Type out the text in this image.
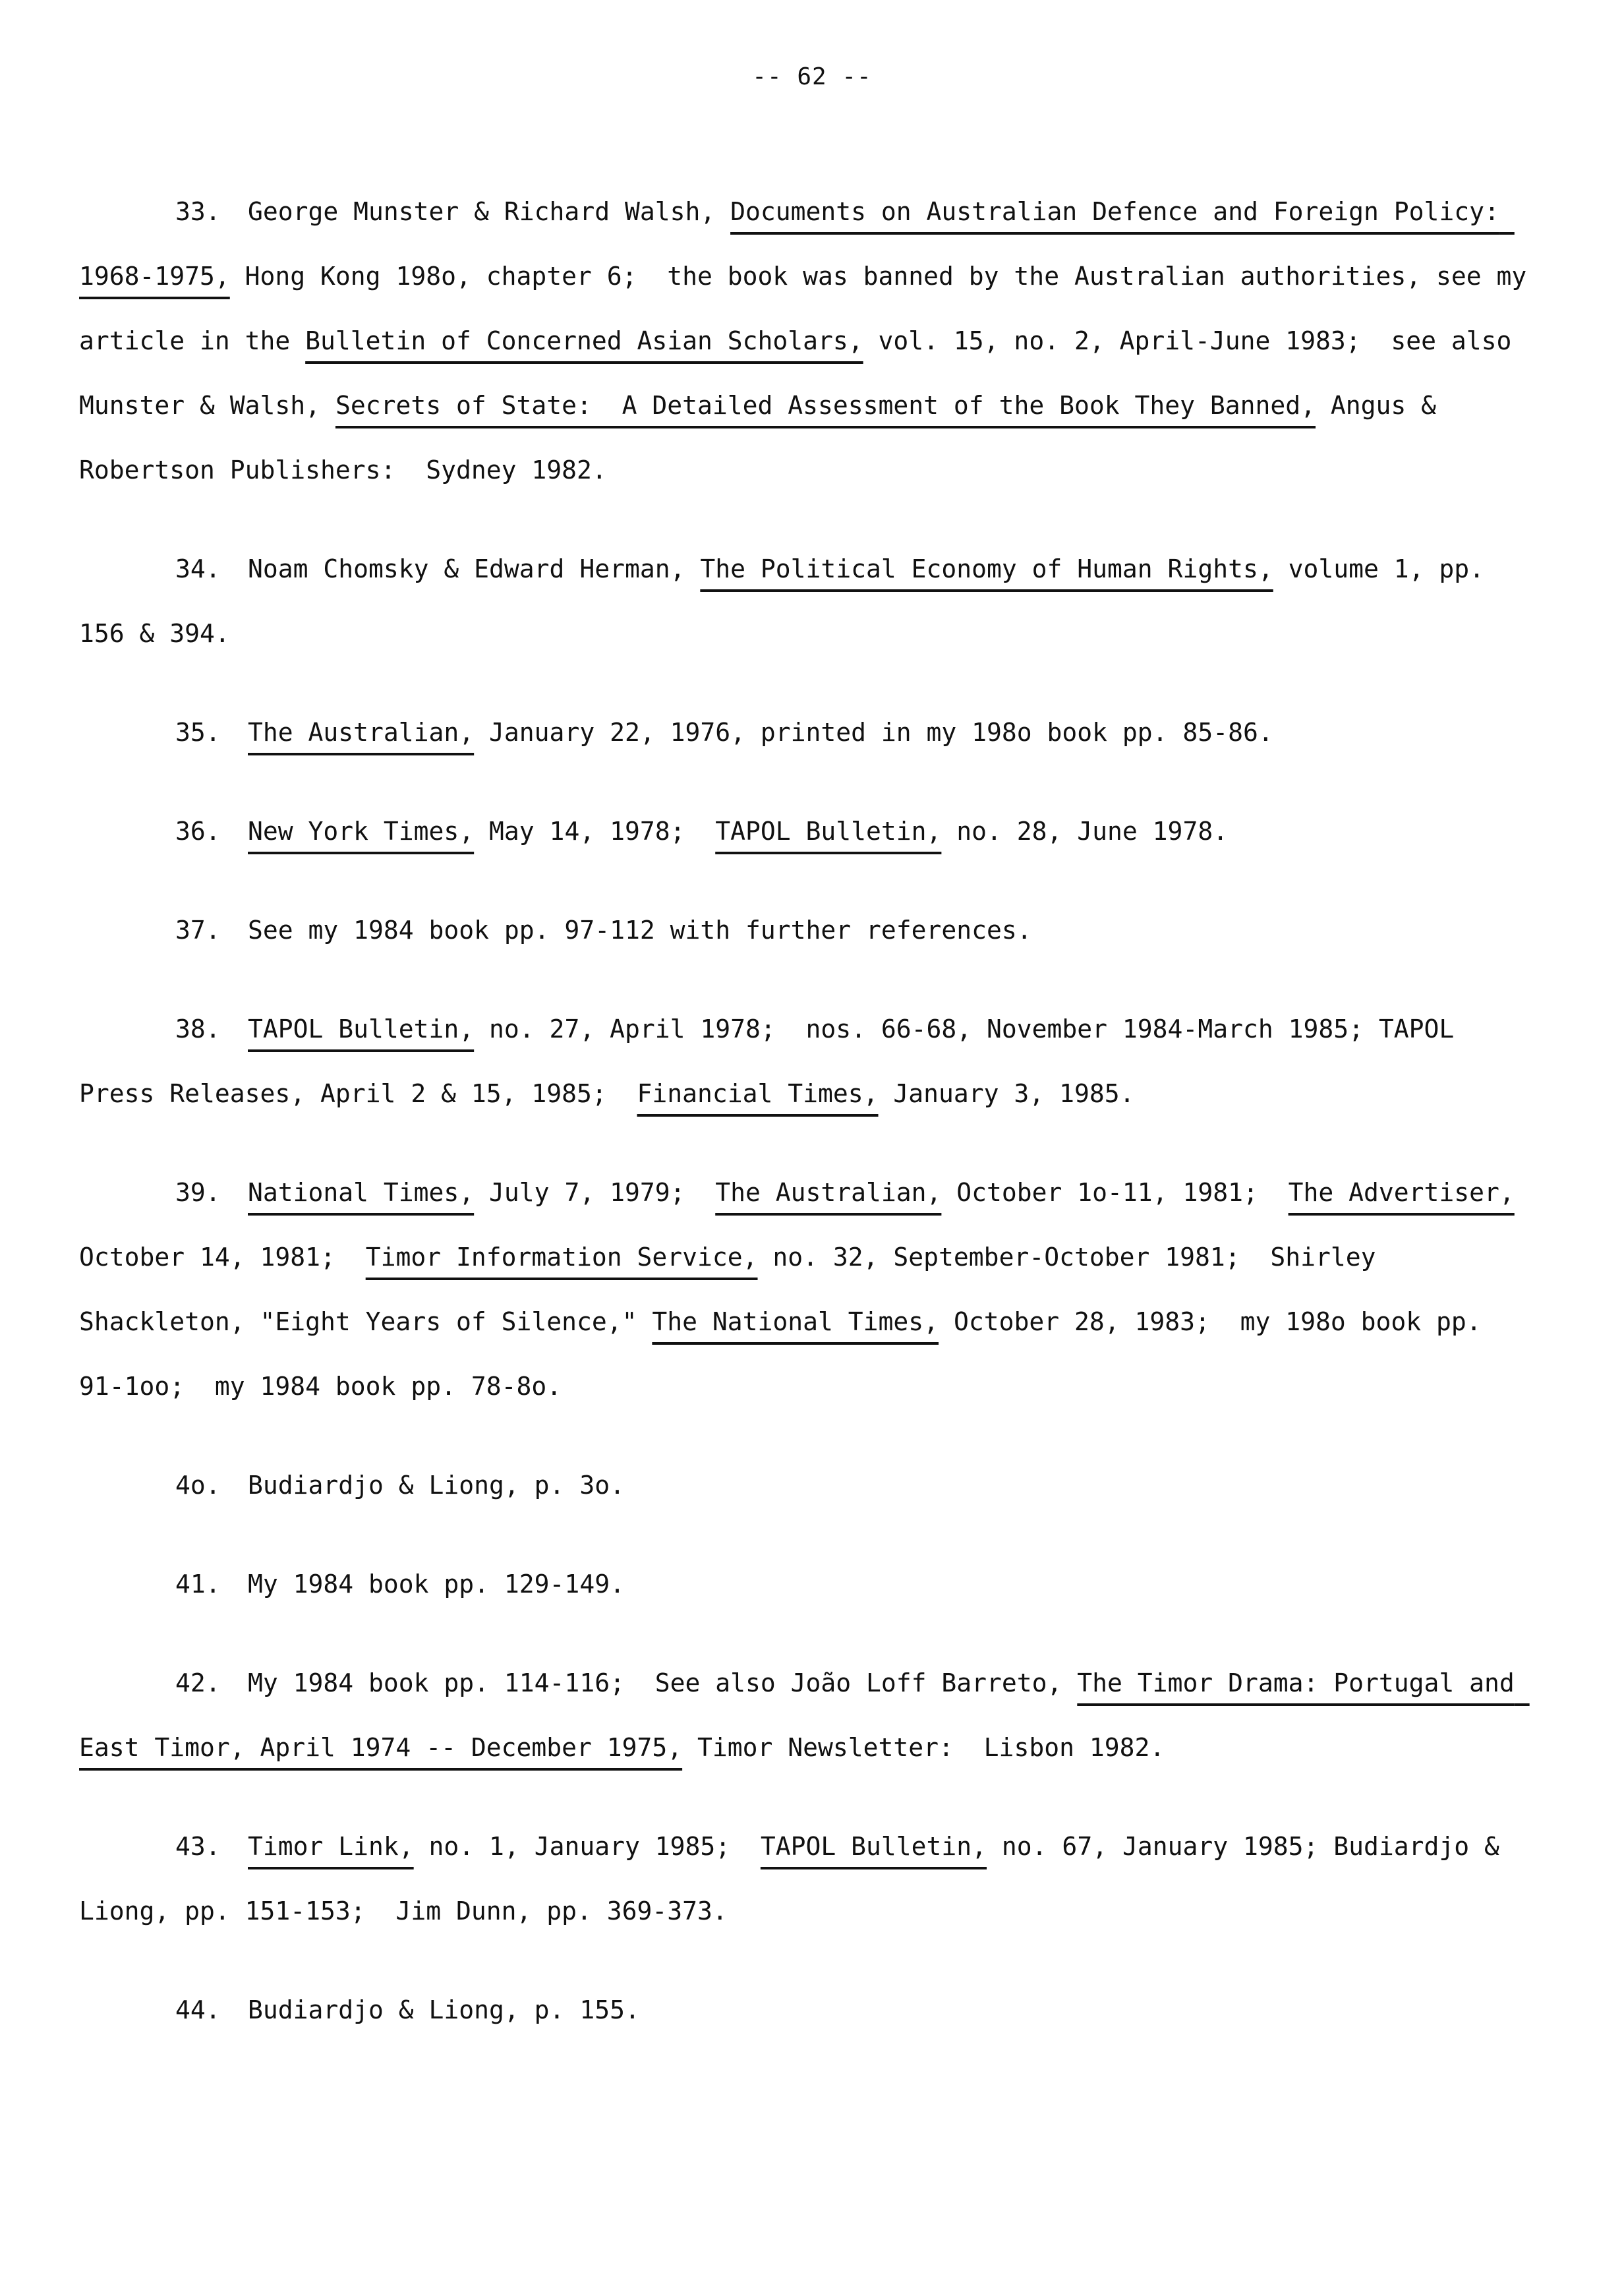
-- 62 --

33. George Munster & Richard Walsh, Documents on Australian Defence and Foreign Policy: 1968-1975, Hong Kong 198o, chapter 6;  the book was banned by the Australian authorities, see my article in the Bulletin of Concerned Asian Scholars, vol. 15, no. 2, April-June 1983;  see also Munster & Walsh, Secrets of State:  A Detailed Assessment of the Book They Banned, Angus & Robertson Publishers:  Sydney 1982.

34. Noam Chomsky & Edward Herman, The Political Economy of Human Rights, volume 1, pp. 156 & 394.

35. The Australian, January 22, 1976, printed in my 198o book pp. 85-86.

36. New York Times, May 14, 1978;  TAPOL Bulletin, no. 28, June 1978.

37. See my 1984 book pp. 97-112 with further references.

38. TAPOL Bulletin, no. 27, April 1978;  nos. 66-68, November 1984-March 1985; TAPOL Press Releases, April 2 & 15, 1985;  Financial Times, January 3, 1985.

39. National Times, July 7, 1979;  The Australian, October 1o-11, 1981;  The Advertiser, October 14, 1981;  Timor Information Service, no. 32, September-October 1981;  Shirley Shackleton, "Eight Years of Silence," The National Times, October 28, 1983;  my 198o book pp. 91-1oo;  my 1984 book pp. 78-8o.

4o. Budiardjo & Liong, p. 3o.

41. My 1984 book pp. 129-149.

42. My 1984 book pp. 114-116;  See also João Loff Barreto, The Timor Drama: Portugal and East Timor, April 1974 -- December 1975, Timor Newsletter:  Lisbon 1982.

43. Timor Link, no. 1, January 1985;  TAPOL Bulletin, no. 67, January 1985; Budiardjo & Liong, pp. 151-153;  Jim Dunn, pp. 369-373.

44. Budiardjo & Liong, p. 155.
